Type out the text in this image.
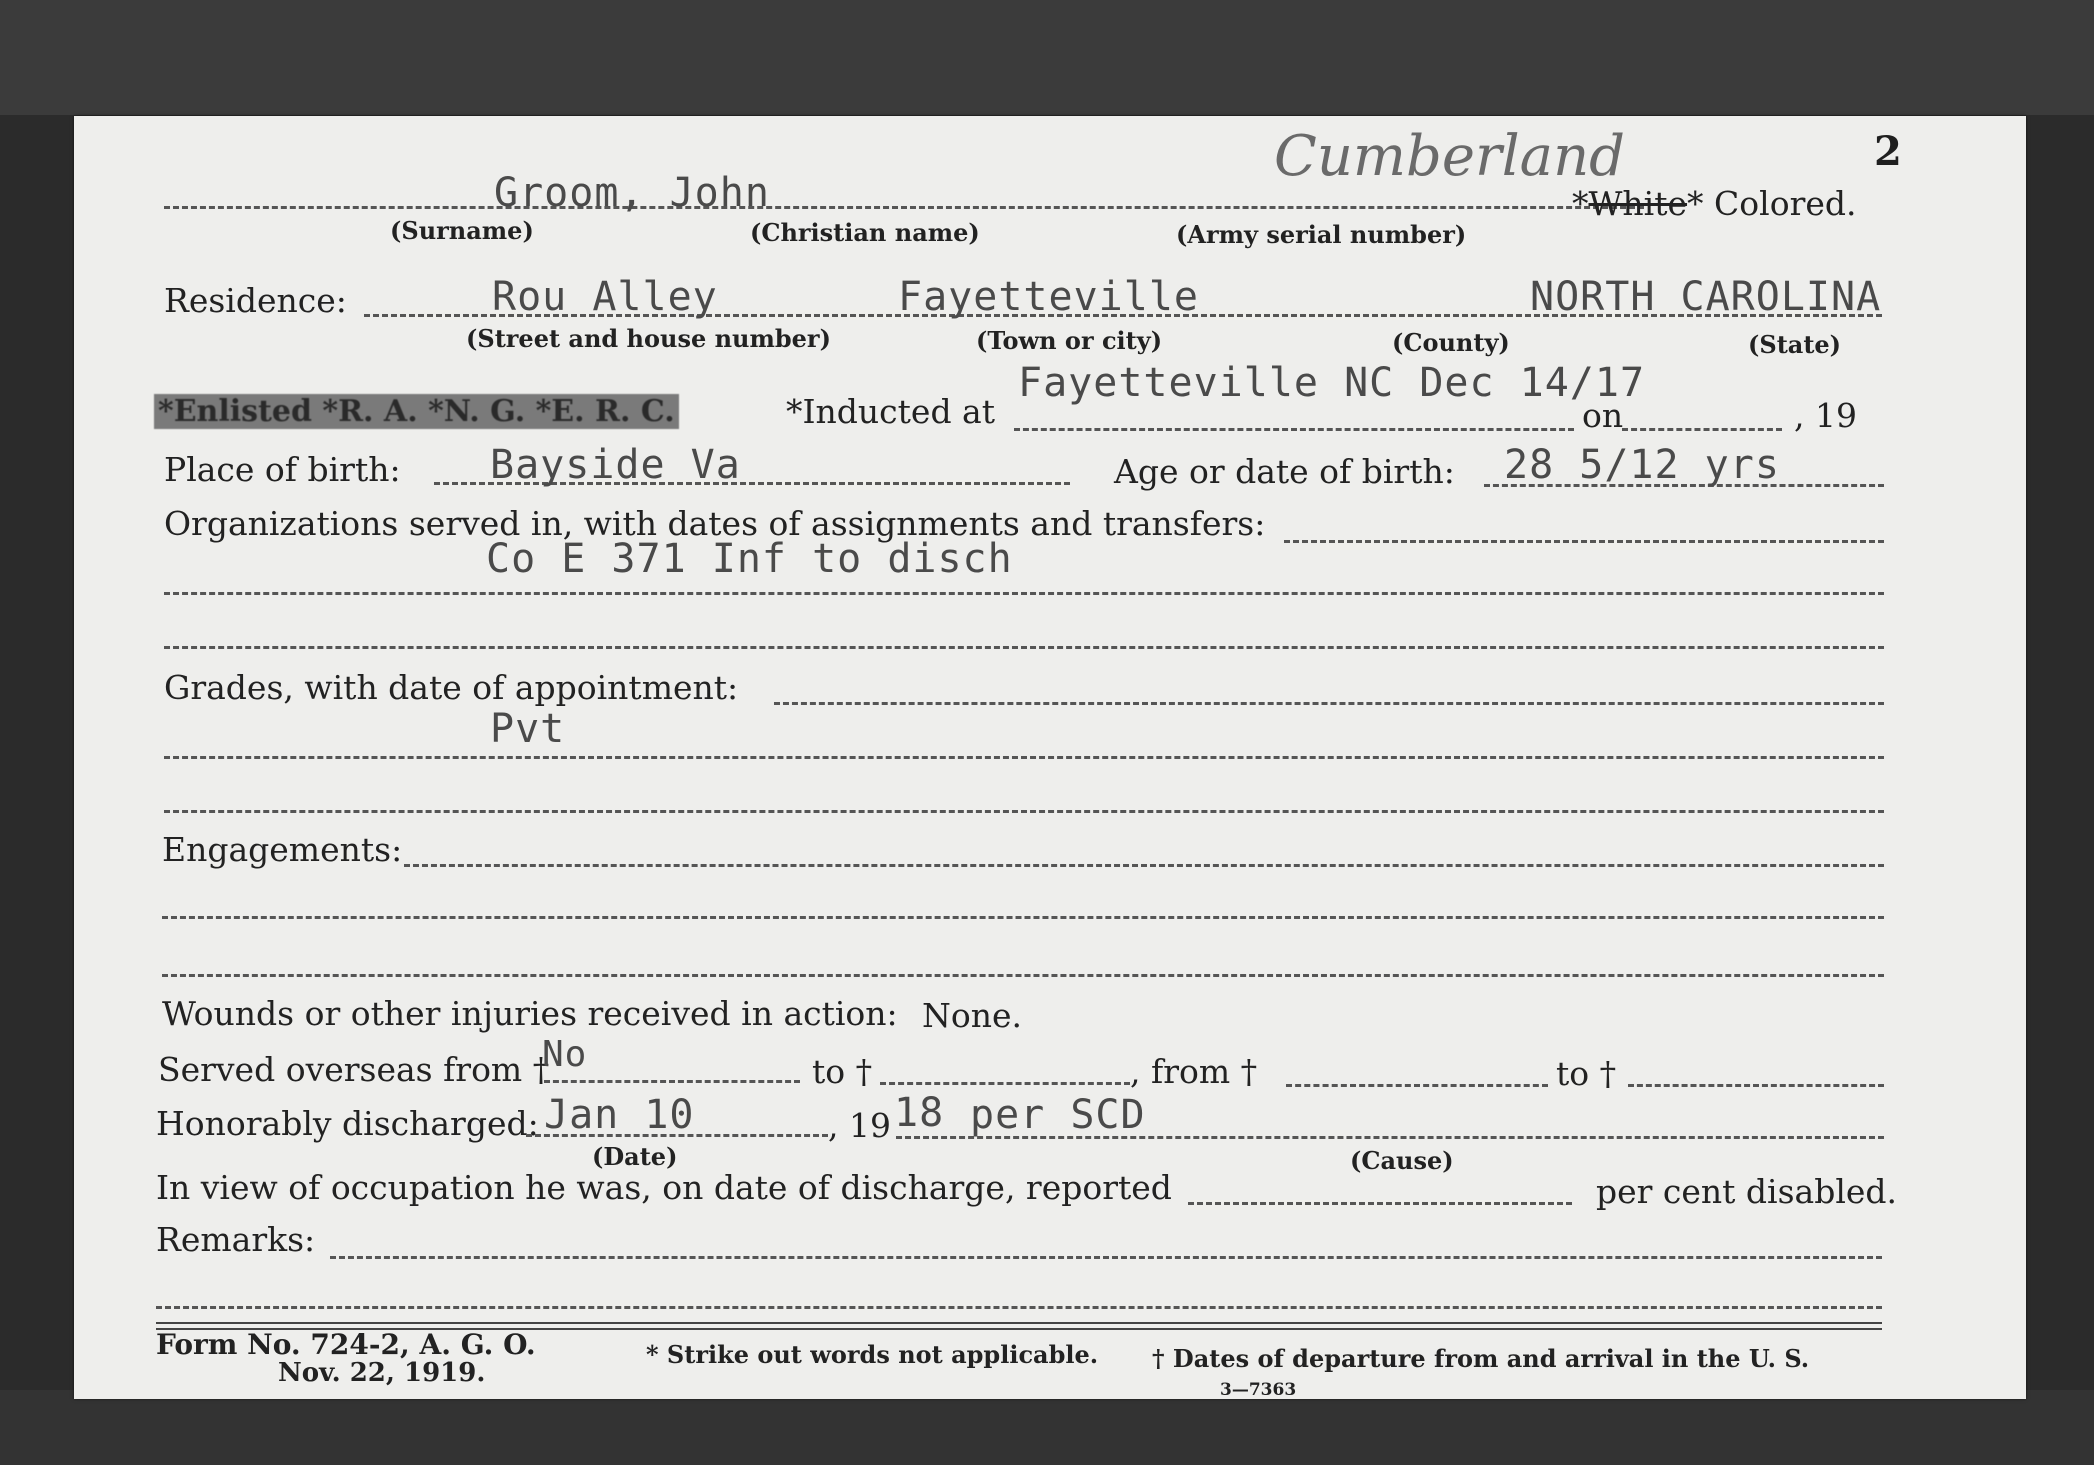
Cumberland	2
Groom, John	*White* Colored.
(Surname)	(Christian name)	(Army serial number)
Residence:	Rou Alley	Fayetteville	NORTH CAROLINA
(Street and house number)	(Town or city)	(County)	(State)
*Enlisted *R. A. *N. G. *E. R. C.	*Inducted at
Fayetteville NC Dec 14/17
on	, 19
Place of birth: Bayside Va	Age or date of birth: 28 5/12 yrs
Organizations served in, with dates of assignments and transfers:
Co E 371 Inf to disch
Grades, with date of appointment:
Pvt
Engagements:
Wounds or other injuries received in action: None.
Served overseas from †
No	to †	, from †	to †
Honorably discharged: Jan 10	, 19 18 per SCD
(Date)	(Cause)
In view of occupation he was, on date of discharge, reported	per cent disabled.
Remarks:
Form No. 724-2, A. G. O.
Nov. 22, 1919.
* Strike out words not applicable. † Dates of departure from and arrival in the U. S.
3—7363
